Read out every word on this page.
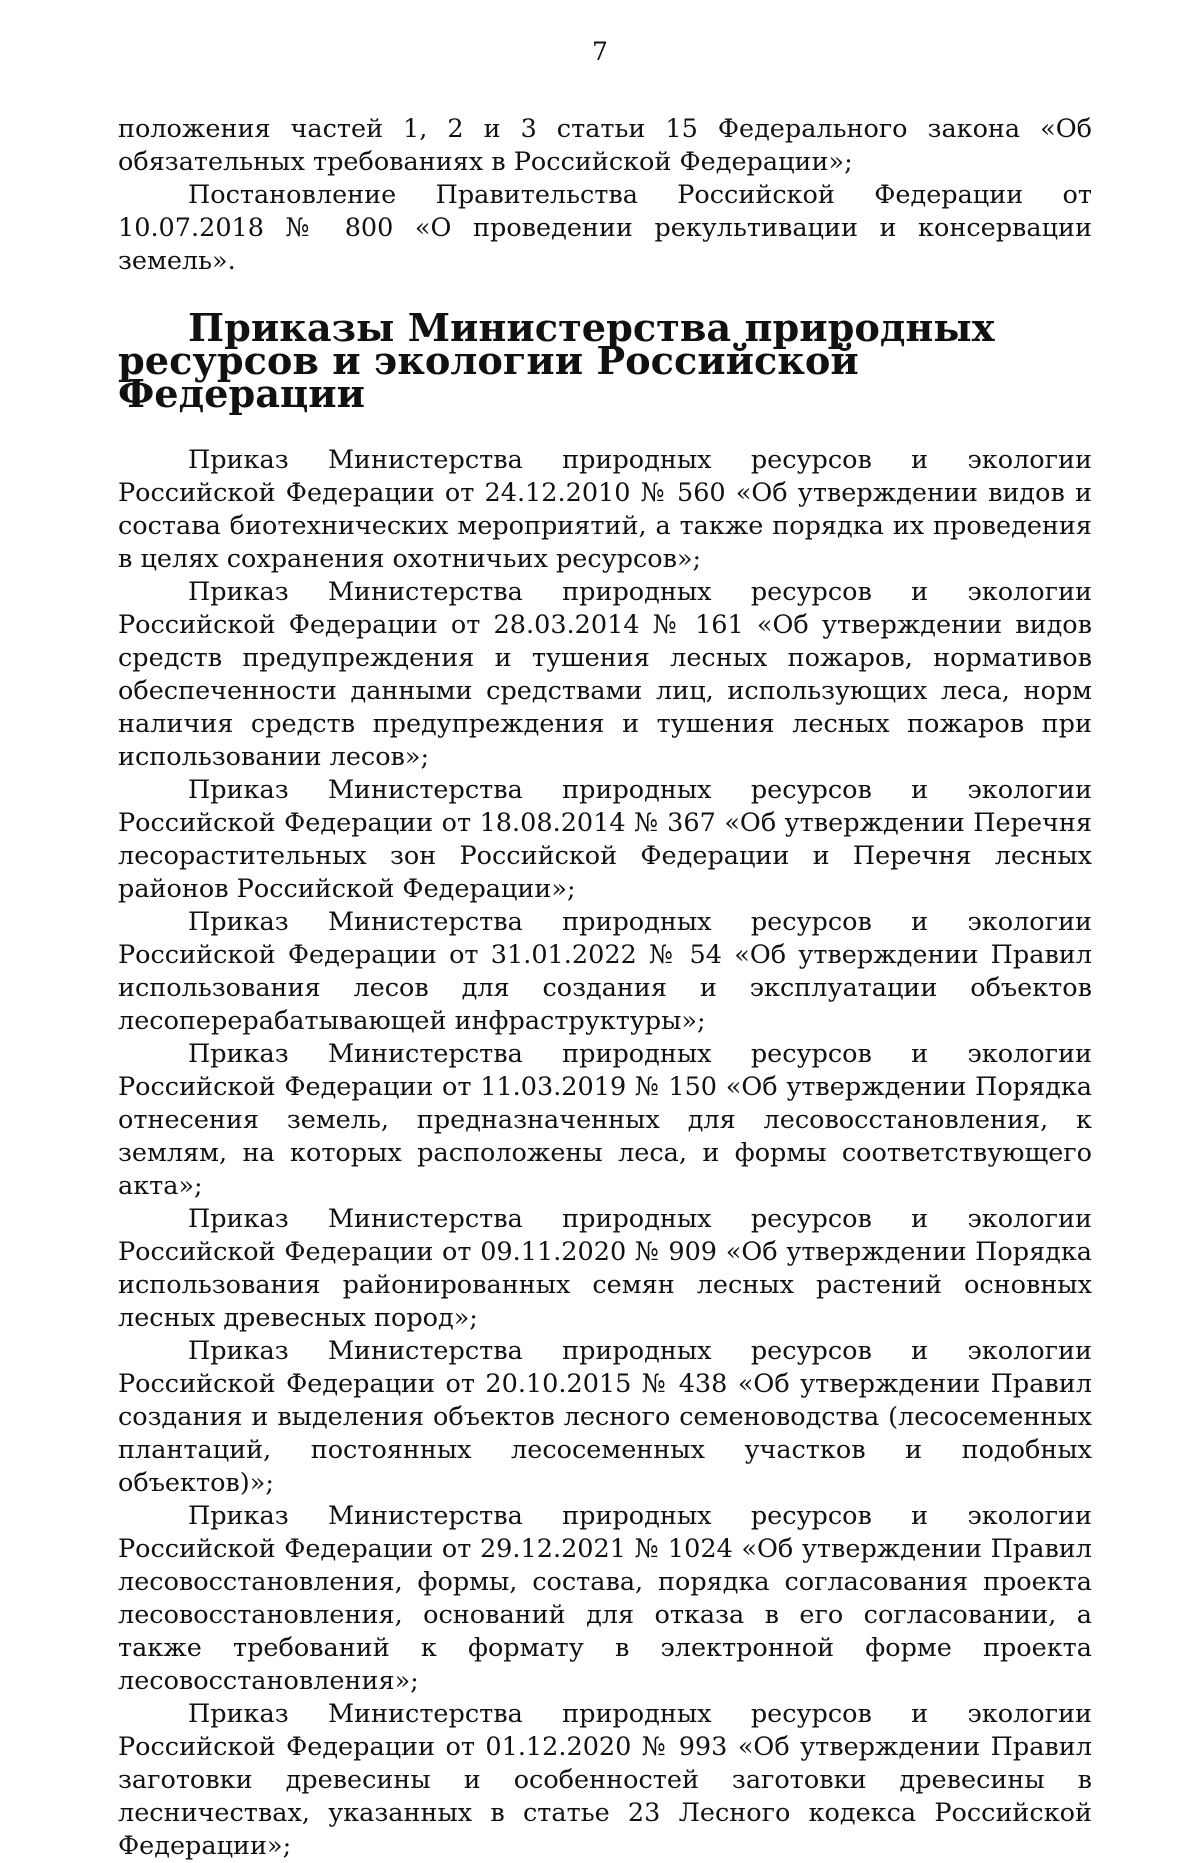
7

положения частей 1, 2 и 3 статьи 15 Федерального закона «Об обязательных требованиях в Российской Федерации»;

Постановление Правительства Российской Федерации от 10.07.2018 № 800 «О проведении рекультивации и консервации земель».

Приказы Министерства природных ресурсов и экологии Российской Федерации

Приказ Министерства природных ресурсов и экологии Российской Федерации от 24.12.2010 № 560 «Об утверждении видов и состава биотехнических мероприятий, а также порядка их проведения в целях сохранения охотничьих ресурсов»;

Приказ Министерства природных ресурсов и экологии Российской Федерации от 28.03.2014 № 161 «Об утверждении видов средств предупреждения и тушения лесных пожаров, нормативов обеспеченности данными средствами лиц, использующих леса, норм наличия средств предупреждения и тушения лесных пожаров при использовании лесов»;

Приказ Министерства природных ресурсов и экологии Российской Федерации от 18.08.2014 № 367 «Об утверждении Перечня лесорастительных зон Российской Федерации и Перечня лесных районов Российской Федерации»;

Приказ Министерства природных ресурсов и экологии Российской Федерации от 31.01.2022 № 54 «Об утверждении Правил использования лесов для создания и эксплуатации объектов лесоперерабатывающей инфраструктуры»;

Приказ Министерства природных ресурсов и экологии Российской Федерации от 11.03.2019 № 150 «Об утверждении Порядка отнесения земель, предназначенных для лесовосстановления, к землям, на которых расположены леса, и формы соответствующего акта»;

Приказ Министерства природных ресурсов и экологии Российской Федерации от 09.11.2020 № 909 «Об утверждении Порядка использования районированных семян лесных растений основных лесных древесных пород»;

Приказ Министерства природных ресурсов и экологии Российской Федерации от 20.10.2015 № 438 «Об утверждении Правил создания и выделения объектов лесного семеноводства (лесосеменных плантаций, постоянных лесосеменных участков и подобных объектов)»;

Приказ Министерства природных ресурсов и экологии Российской Федерации от 29.12.2021 № 1024 «Об утверждении Правил лесовосстановления, формы, состава, порядка согласования проекта лесовосстановления, оснований для отказа в его согласовании, а также требований к формату в электронной форме проекта лесовосстановления»;

Приказ Министерства природных ресурсов и экологии Российской Федерации от 01.12.2020 № 993 «Об утверждении Правил заготовки древесины и особенностей заготовки древесины в лесничествах, указанных в статье 23 Лесного кодекса Российской Федерации»;
